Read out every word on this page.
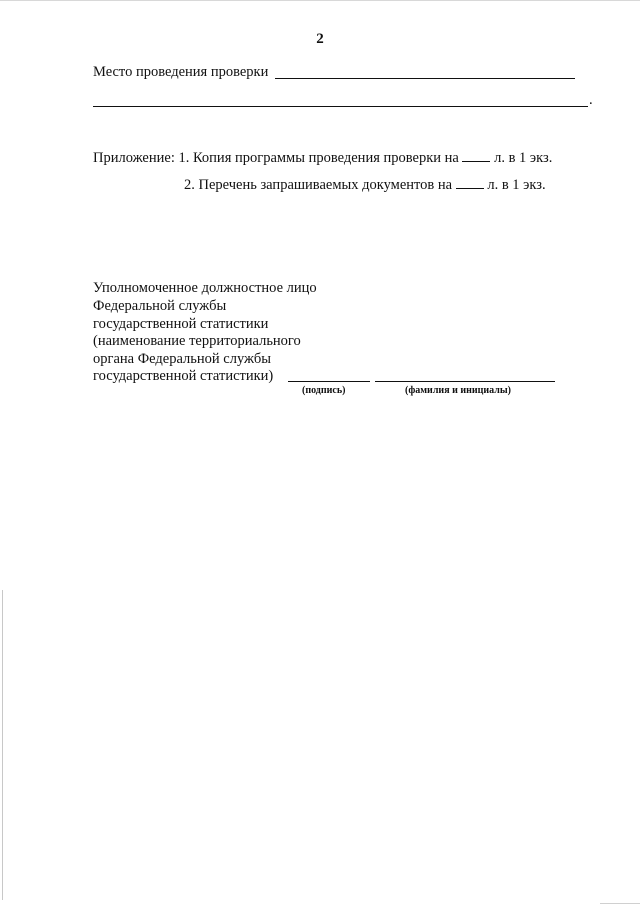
2
Место проведения проверки
.
Приложение: 1. Копия программы проведения проверки на л. в 1 экз.
2. Перечень запрашиваемых документов на л. в 1 экз.
Уполномоченное должностное лицо
Федеральной службы
государственной статистики
(наименование территориального
органа Федеральной службы
государственной статистики)
(подпись)	(фамилия и инициалы)
